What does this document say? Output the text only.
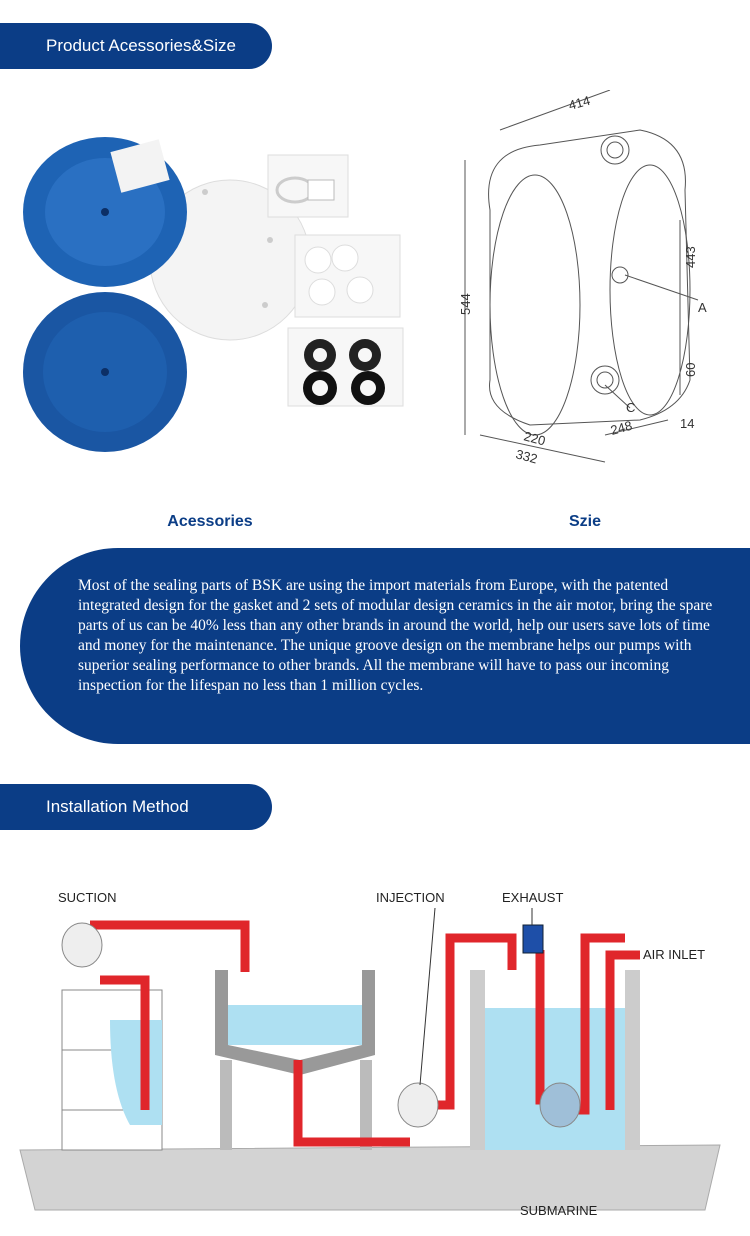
Product Acessories&Size
414
443
544
60
220
248
332
14
A
C
Acessories	Szie

Most of the sealing parts of BSK are using the import materials from Europe, with the patented integrated design for the gasket and 2 sets of modular design ceramics in the air motor, bring the spare parts of us can be 40% less than any other brands in around the world, help our users save lots of time and money for the maintenance. The unique groove design on the membrane helps our pumps with superior sealing performance to other brands. All the membrane will have to pass our incoming inspection for the lifespan no less than 1 million cycles.

Installation Method
SUCTION	INJECTION	EXHAUST
AIR INLET
SUBMARINE
